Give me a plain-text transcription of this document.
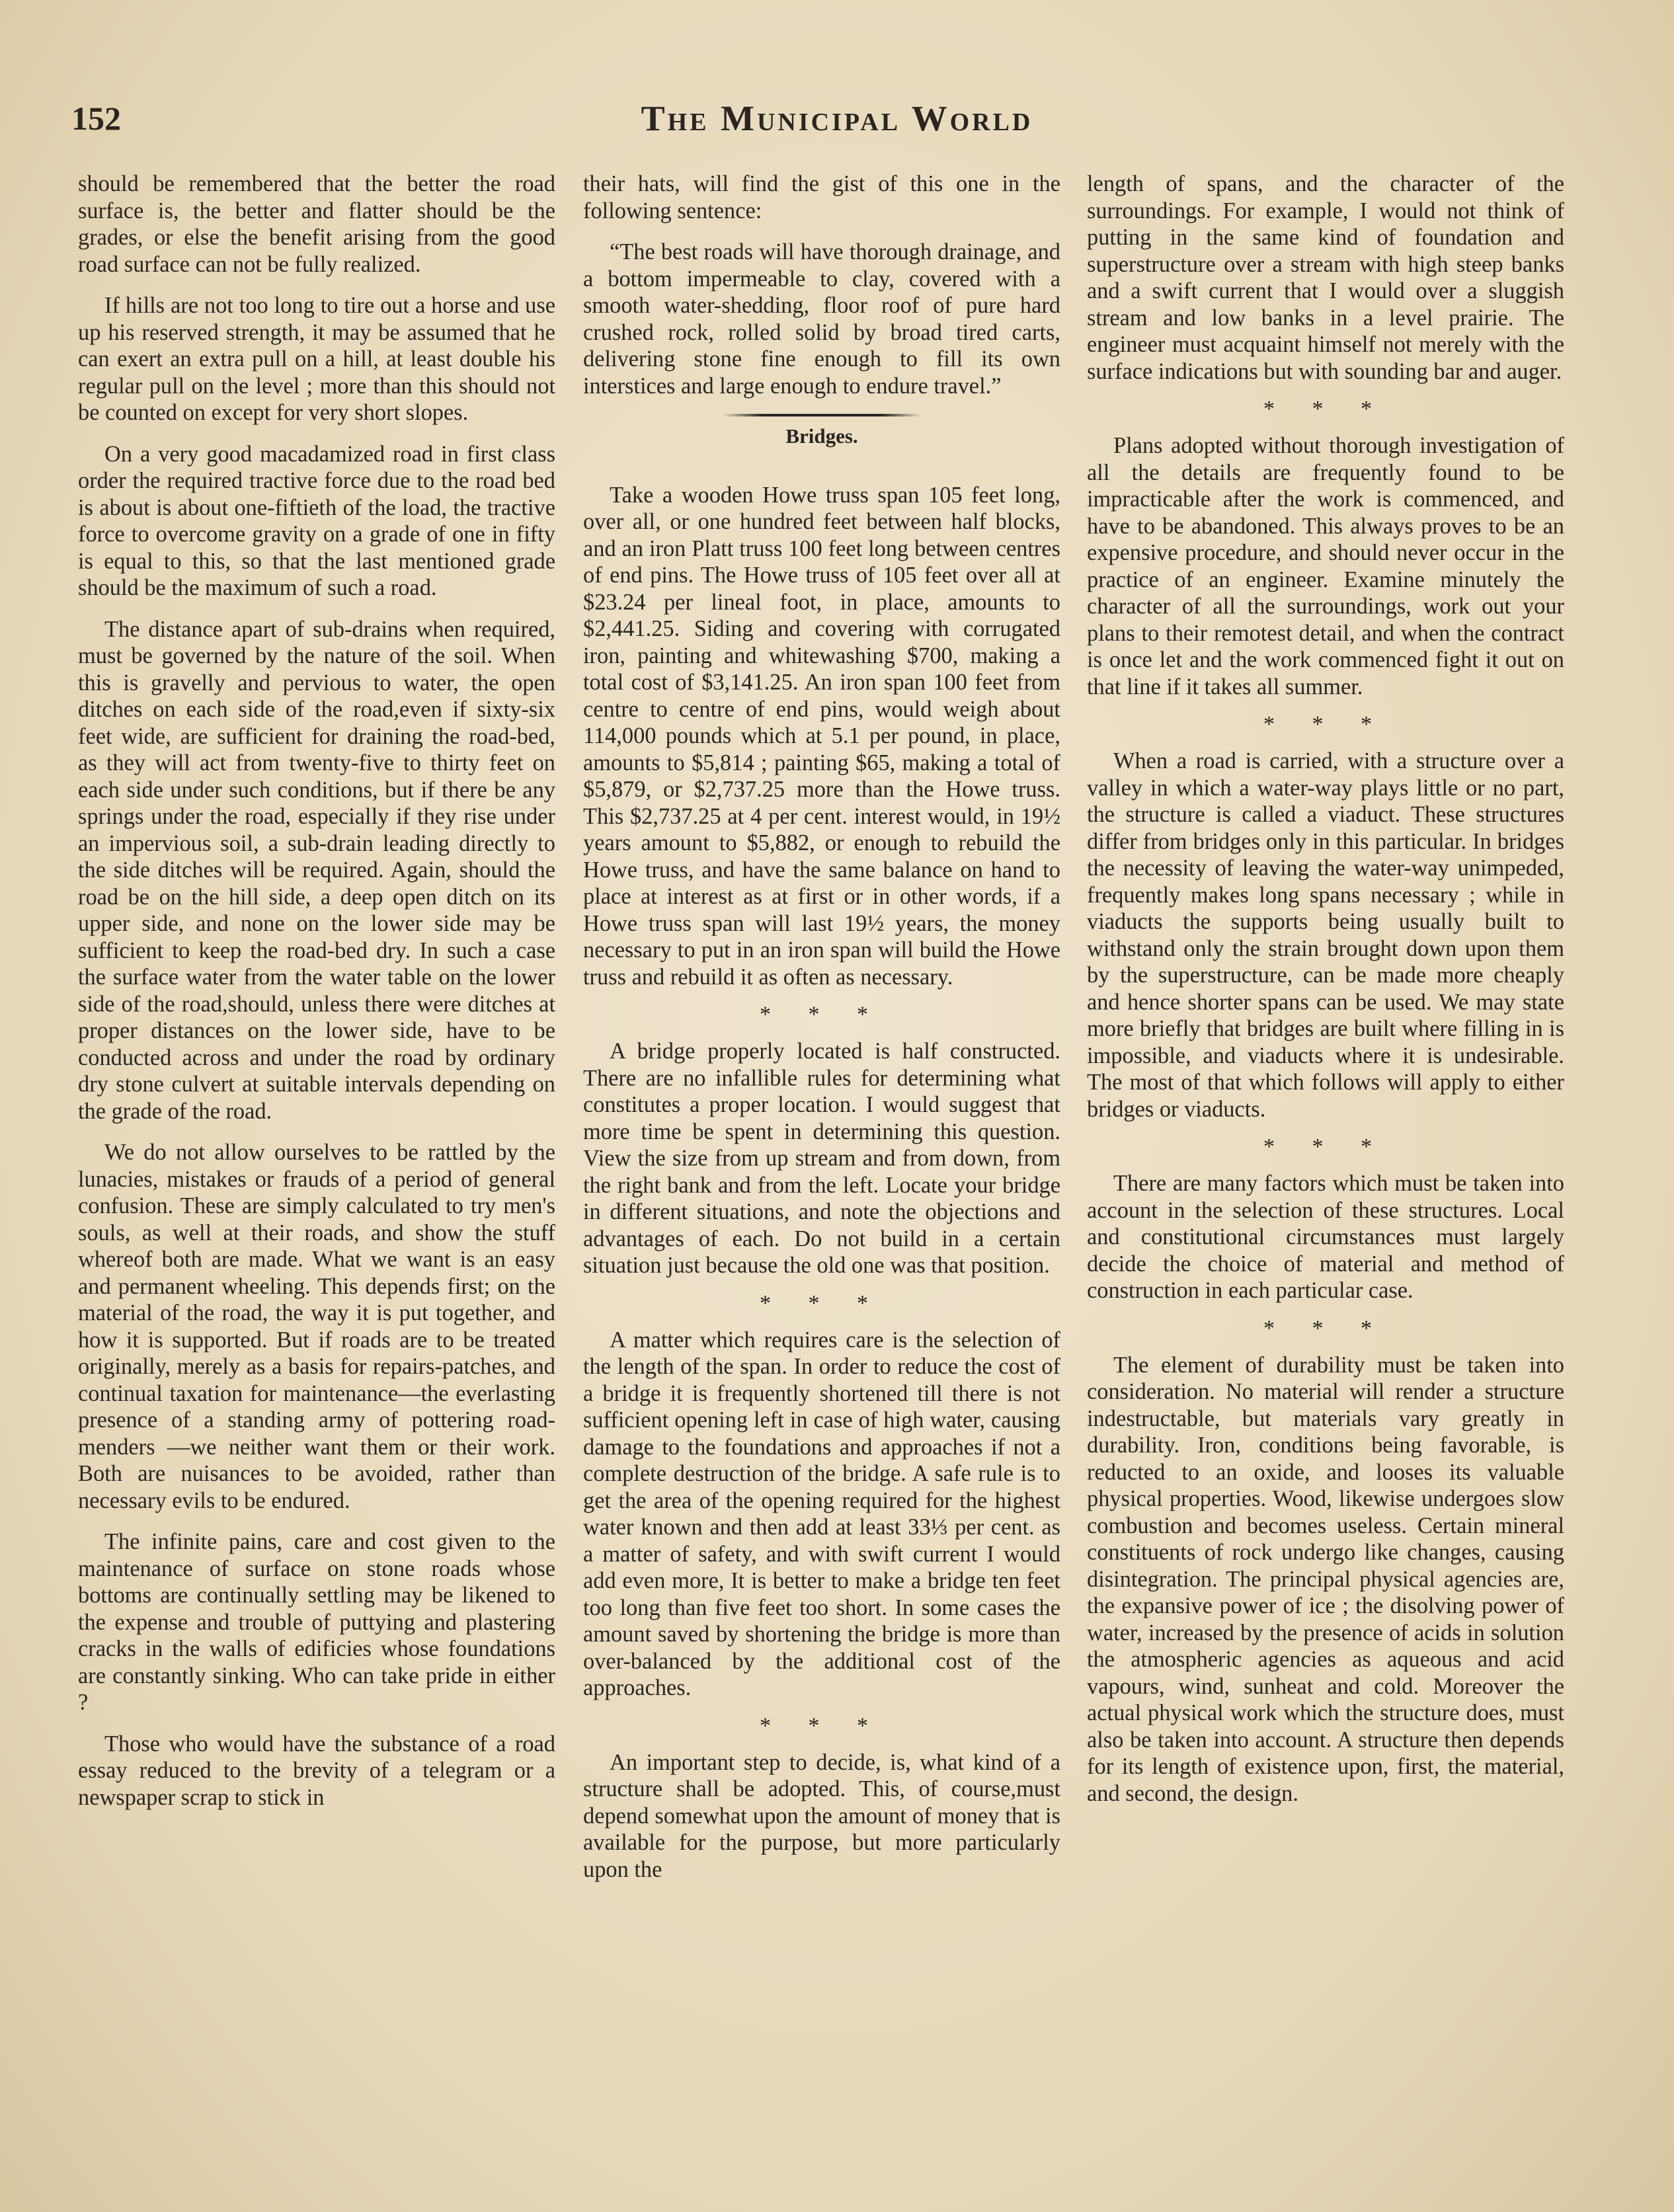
152	The Municipal World

should be remembered that the better the road surface is, the better and flatter should be the grades, or else the benefit arising from the good road surface can not be fully realized.

If hills are not too long to tire out a horse and use up his reserved strength, it may be assumed that he can exert an extra pull on a hill, at least double his regular pull on the level ; more than this should not be counted on except for very short slopes.

On a very good macadamized road in first class order the required tractive force due to the road bed is about is about one-fiftieth of the load, the tractive force to overcome gravity on a grade of one in fifty is equal to this, so that the last mentioned grade should be the maximum of such a road.

The distance apart of sub-drains when required, must be governed by the nature of the soil. When this is gravelly and pervious to water, the open ditches on each side of the road,even if sixty-six feet wide, are sufficient for draining the road-bed, as they will act from twenty-five to thirty feet on each side under such conditions, but if there be any springs under the road, especially if they rise under an impervious soil, a sub-drain leading directly to the side ditches will be required. Again, should the road be on the hill side, a deep open ditch on its upper side, and none on the lower side may be sufficient to keep the road-bed dry. In such a case the surface water from the water table on the lower side of the road,should, unless there were ditches at proper distances on the lower side, have to be conducted across and under the road by ordinary dry stone culvert at suitable intervals depending on the grade of the road.

We do not allow ourselves to be rattled by the lunacies, mistakes or frauds of a period of general confusion. These are simply calculated to try men's souls, as well at their roads, and show the stuff whereof both are made. What we want is an easy and permanent wheeling. This depends first; on the material of the road, the way it is put together, and how it is supported. But if roads are to be treated originally, merely as a basis for repairs-patches, and continual taxation for maintenance—the everlasting presence of a standing army of pottering road-menders —we neither want them or their work. Both are nuisances to be avoided, rather than necessary evils to be endured.

The infinite pains, care and cost given to the maintenance of surface on stone roads whose bottoms are continually settling may be likened to the expense and trouble of puttying and plastering cracks in the walls of edificies whose foundations are constantly sinking. Who can take pride in either ?

Those who would have the substance of a road essay reduced to the brevity of a telegram or a newspaper scrap to stick in

their hats, will find the gist of this one in the following sentence:

“The best roads will have thorough drainage, and a bottom impermeable to clay, covered with a smooth water-shedding, floor roof of pure hard crushed rock, rolled solid by broad tired carts, delivering stone fine enough to fill its own interstices and large enough to endure travel.”

Bridges.

Take a wooden Howe truss span 105 feet long, over all, or one hundred feet between half blocks, and an iron Platt truss 100 feet long between centres of end pins. The Howe truss of 105 feet over all at $23.24 per lineal foot, in place, amounts to $2,441.25. Siding and covering with corrugated iron, painting and whitewashing $700, making a total cost of $3,141.25. An iron span 100 feet from centre to centre of end pins, would weigh about 114,000 pounds which at 5.1 per pound, in place, amounts to $5,814 ; painting $65, making a total of $5,879, or $2,737.25 more than the Howe truss. This $2,737.25 at 4 per cent. interest would, in 19½ years amount to $5,882, or enough to rebuild the Howe truss, and have the same balance on hand to place at interest as at first or in other words, if a Howe truss span will last 19½ years, the money necessary to put in an iron span will build the Howe truss and rebuild it as often as necessary.

* * *

A bridge properly located is half constructed. There are no infallible rules for determining what constitutes a proper location. I would suggest that more time be spent in determining this question. View the size from up stream and from down, from the right bank and from the left. Locate your bridge in different situations, and note the objections and advantages of each. Do not build in a certain situation just because the old one was that position.

* * *

A matter which requires care is the selection of the length of the span. In order to reduce the cost of a bridge it is frequently shortened till there is not sufficient opening left in case of high water, causing damage to the foundations and approaches if not a complete destruction of the bridge. A safe rule is to get the area of the opening required for the highest water known and then add at least 33⅓ per cent. as a matter of safety, and with swift current I would add even more, It is better to make a bridge ten feet too long than five feet too short. In some cases the amount saved by shortening the bridge is more than over-balanced by the additional cost of the approaches.

* * *

An important step to decide, is, what kind of a structure shall be adopted. This, of course,must depend somewhat upon the amount of money that is available for the purpose, but more particularly upon the

length of spans, and the character of the surroundings. For example, I would not think of putting in the same kind of foundation and superstructure over a stream with high steep banks and a swift current that I would over a sluggish stream and low banks in a level prairie. The engineer must acquaint himself not merely with the surface indications but with sounding bar and auger.

* * *

Plans adopted without thorough investigation of all the details are frequently found to be impracticable after the work is commenced, and have to be abandoned. This always proves to be an expensive procedure, and should never occur in the practice of an engineer. Examine minutely the character of all the surroundings, work out your plans to their remotest detail, and when the contract is once let and the work commenced fight it out on that line if it takes all summer.

* * *

When a road is carried, with a structure over a valley in which a water-way plays little or no part, the structure is called a viaduct. These structures differ from bridges only in this particular. In bridges the necessity of leaving the water-way unimpeded, frequently makes long spans necessary ; while in viaducts the supports being usually built to withstand only the strain brought down upon them by the superstructure, can be made more cheaply and hence shorter spans can be used. We may state more briefly that bridges are built where filling in is impossible, and viaducts where it is undesirable. The most of that which follows will apply to either bridges or viaducts.

* * *

There are many factors which must be taken into account in the selection of these structures. Local and constitutional circumstances must largely decide the choice of material and method of construction in each particular case.

* * *

The element of durability must be taken into consideration. No material will render a structure indestructable, but materials vary greatly in durability. Iron, conditions being favorable, is reducted to an oxide, and looses its valuable physical properties. Wood, likewise undergoes slow combustion and becomes useless. Certain mineral constituents of rock undergo like changes, causing disintegration. The principal physical agencies are, the expansive power of ice ; the disolving power of water, increased by the presence of acids in solution the atmospheric agencies as aqueous and acid vapours, wind, sunheat and cold. Moreover the actual physical work which the structure does, must also be taken into account. A structure then depends for its length of existence upon, first, the material, and second, the design.
